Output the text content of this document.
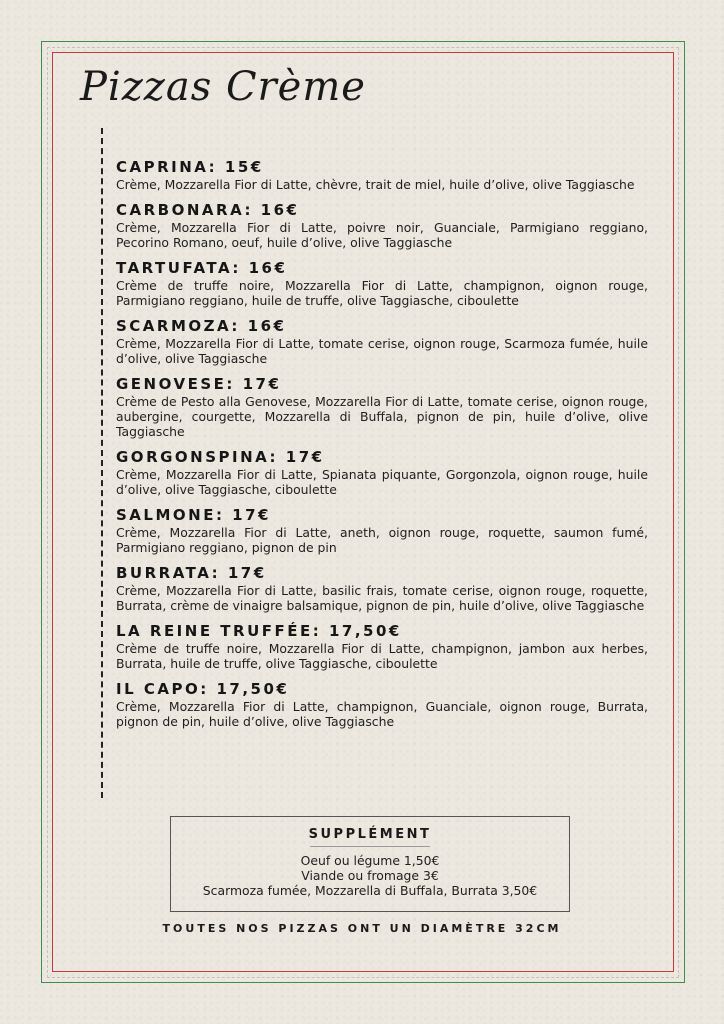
Pizzas Crème
CAPRINA: 15€
Crème, Mozzarella Fior di Latte, chèvre, trait de miel, huile d’olive, olive Taggiasche
CARBONARA: 16€
Crème, Mozzarella Fior di Latte, poivre noir, Guanciale, Parmigiano reggiano, Pecorino Romano, oeuf, huile d’olive, olive Taggiasche
TARTUFATA: 16€
Crème de truffe noire, Mozzarella Fior di Latte, champignon, oignon rouge, Parmigiano reggiano, huile de truffe, olive Taggiasche, ciboulette
SCARMOZA: 16€
Crème, Mozzarella Fior di Latte, tomate cerise, oignon rouge, Scarmoza fumée, huile d’olive, olive Taggiasche
GENOVESE: 17€
Crème de Pesto alla Genovese, Mozzarella Fior di Latte, tomate cerise, oignon rouge, aubergine, courgette, Mozzarella di Buffala, pignon de pin, huile d’olive, olive Taggiasche
GORGONSPINA: 17€
Crème, Mozzarella Fior di Latte, Spianata piquante, Gorgonzola, oignon rouge, huile d’olive, olive Taggiasche, ciboulette
SALMONE: 17€
Crème, Mozzarella Fior di Latte, aneth, oignon rouge, roquette, saumon fumé, Parmigiano reggiano, pignon de pin
BURRATA: 17€
Crème, Mozzarella Fior di Latte, basilic frais, tomate cerise, oignon rouge, roquette, Burrata, crème de vinaigre balsamique, pignon de pin, huile d’olive, olive Taggiasche
LA REINE TRUFFÉE: 17,50€
Crème de truffe noire, Mozzarella Fior di Latte, champignon, jambon aux herbes, Burrata, huile de truffe, olive Taggiasche, ciboulette
IL CAPO: 17,50€
Crème, Mozzarella Fior di Latte, champignon, Guanciale, oignon rouge, Burrata, pignon de pin, huile d’olive, olive Taggiasche
SUPPLÉMENT
Oeuf ou légume 1,50€
Viande ou fromage 3€
Scarmoza fumée, Mozzarella di Buffala, Burrata 3,50€
TOUTES NOS PIZZAS ONT UN DIAMÈTRE 32CM
